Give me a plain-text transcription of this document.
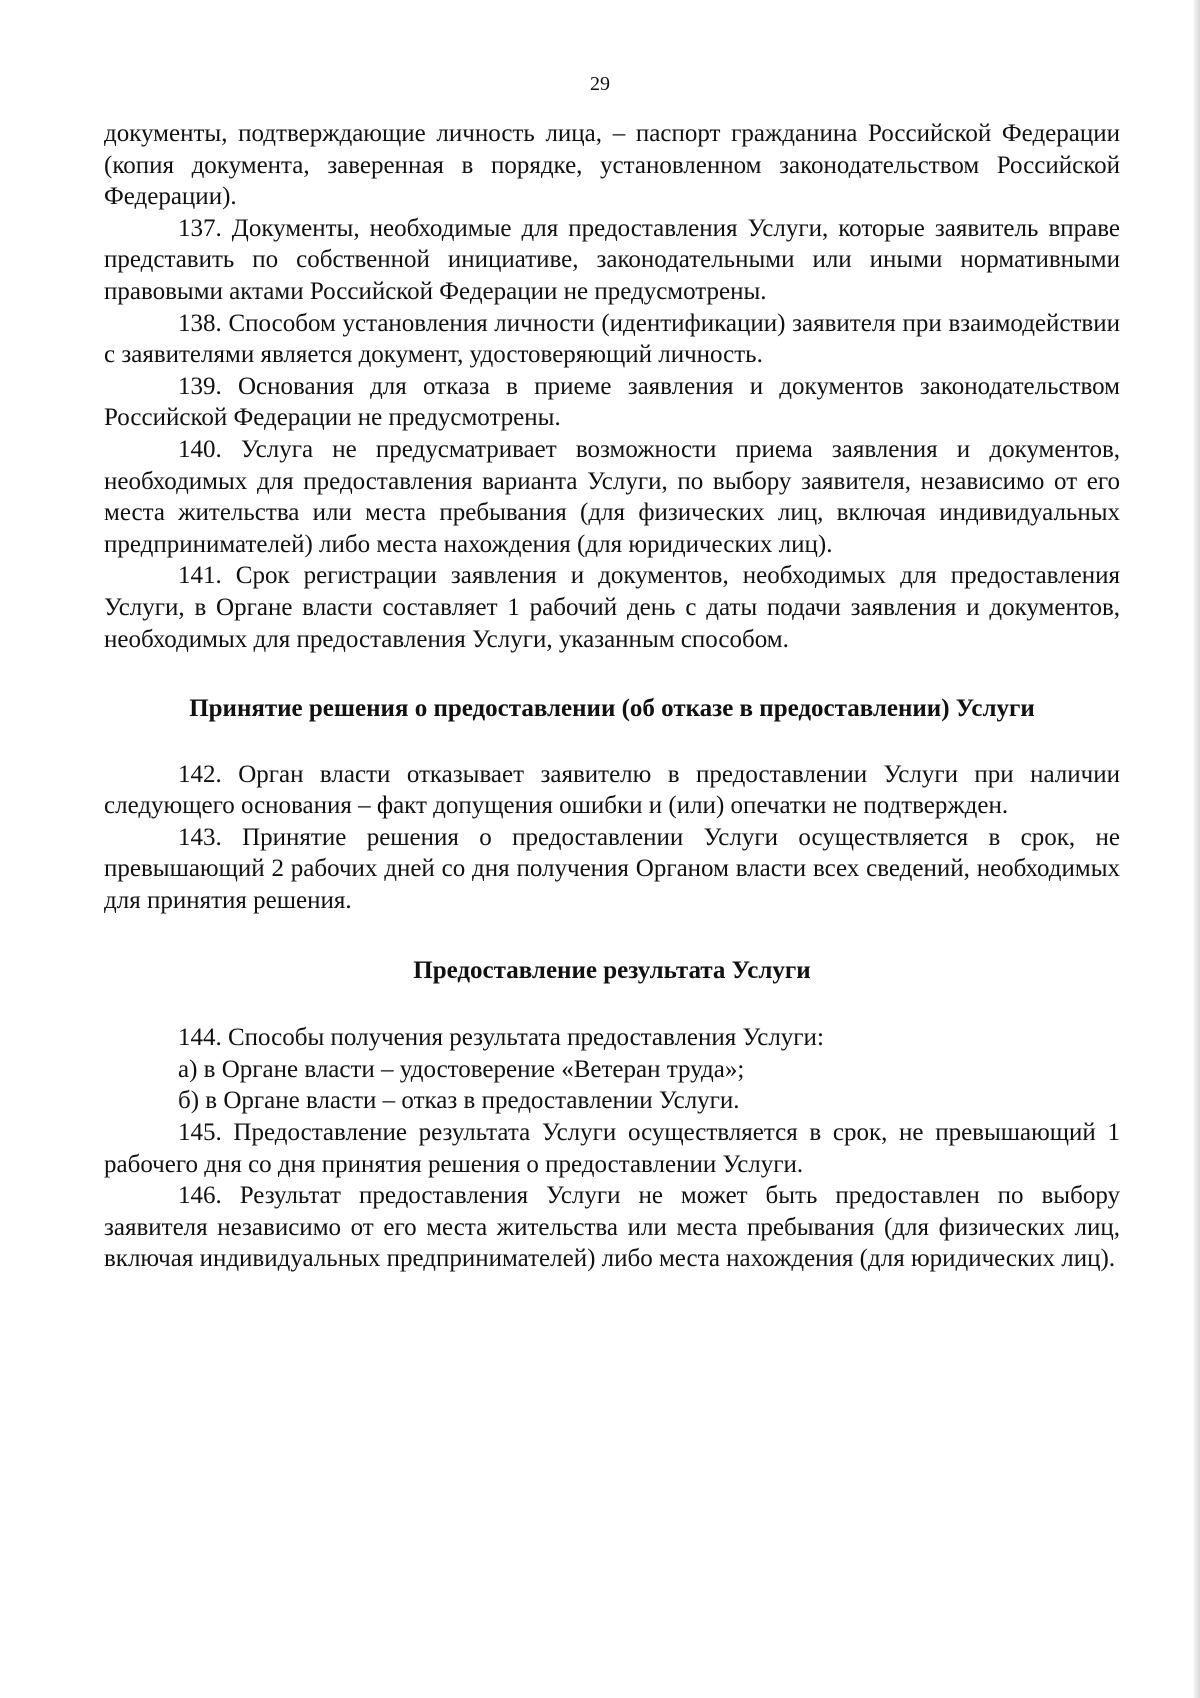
29

документы, подтверждающие личность лица, – паспорт гражданина Российской Федерации (копия документа, заверенная в порядке, установленном законодательством Российской Федерации).

137. Документы, необходимые для предоставления Услуги, которые заявитель вправе представить по собственной инициативе, законодательными или иными нормативными правовыми актами Российской Федерации не предусмотрены.

138. Способом установления личности (идентификации) заявителя при взаимодействии с заявителями является документ, удостоверяющий личность.

139. Основания для отказа в приеме заявления и документов законодательством Российской Федерации не предусмотрены.

140. Услуга не предусматривает возможности приема заявления и документов, необходимых для предоставления варианта Услуги, по выбору заявителя, независимо от его места жительства или места пребывания (для физических лиц, включая индивидуальных предпринимателей) либо места нахождения (для юридических лиц).

141. Срок регистрации заявления и документов, необходимых для предоставления Услуги, в Органе власти составляет 1 рабочий день с даты подачи заявления и документов, необходимых для предоставления Услуги, указанным способом.

Принятие решения о предоставлении (об отказе в предоставлении) Услуги

142. Орган власти отказывает заявителю в предоставлении Услуги при наличии следующего основания – факт допущения ошибки и (или) опечатки не подтвержден.

143. Принятие решения о предоставлении Услуги осуществляется в срок, не превышающий 2 рабочих дней со дня получения Органом власти всех сведений, необходимых для принятия решения.

Предоставление результата Услуги

144. Способы получения результата предоставления Услуги:

а) в Органе власти – удостоверение «Ветеран труда»;

б) в Органе власти – отказ в предоставлении Услуги.

145. Предоставление результата Услуги осуществляется в срок, не превышающий 1 рабочего дня со дня принятия решения о предоставлении Услуги.

146. Результат предоставления Услуги не может быть предоставлен по выбору заявителя независимо от его места жительства или места пребывания (для физических лиц, включая индивидуальных предпринимателей) либо места нахождения (для юридических лиц).
